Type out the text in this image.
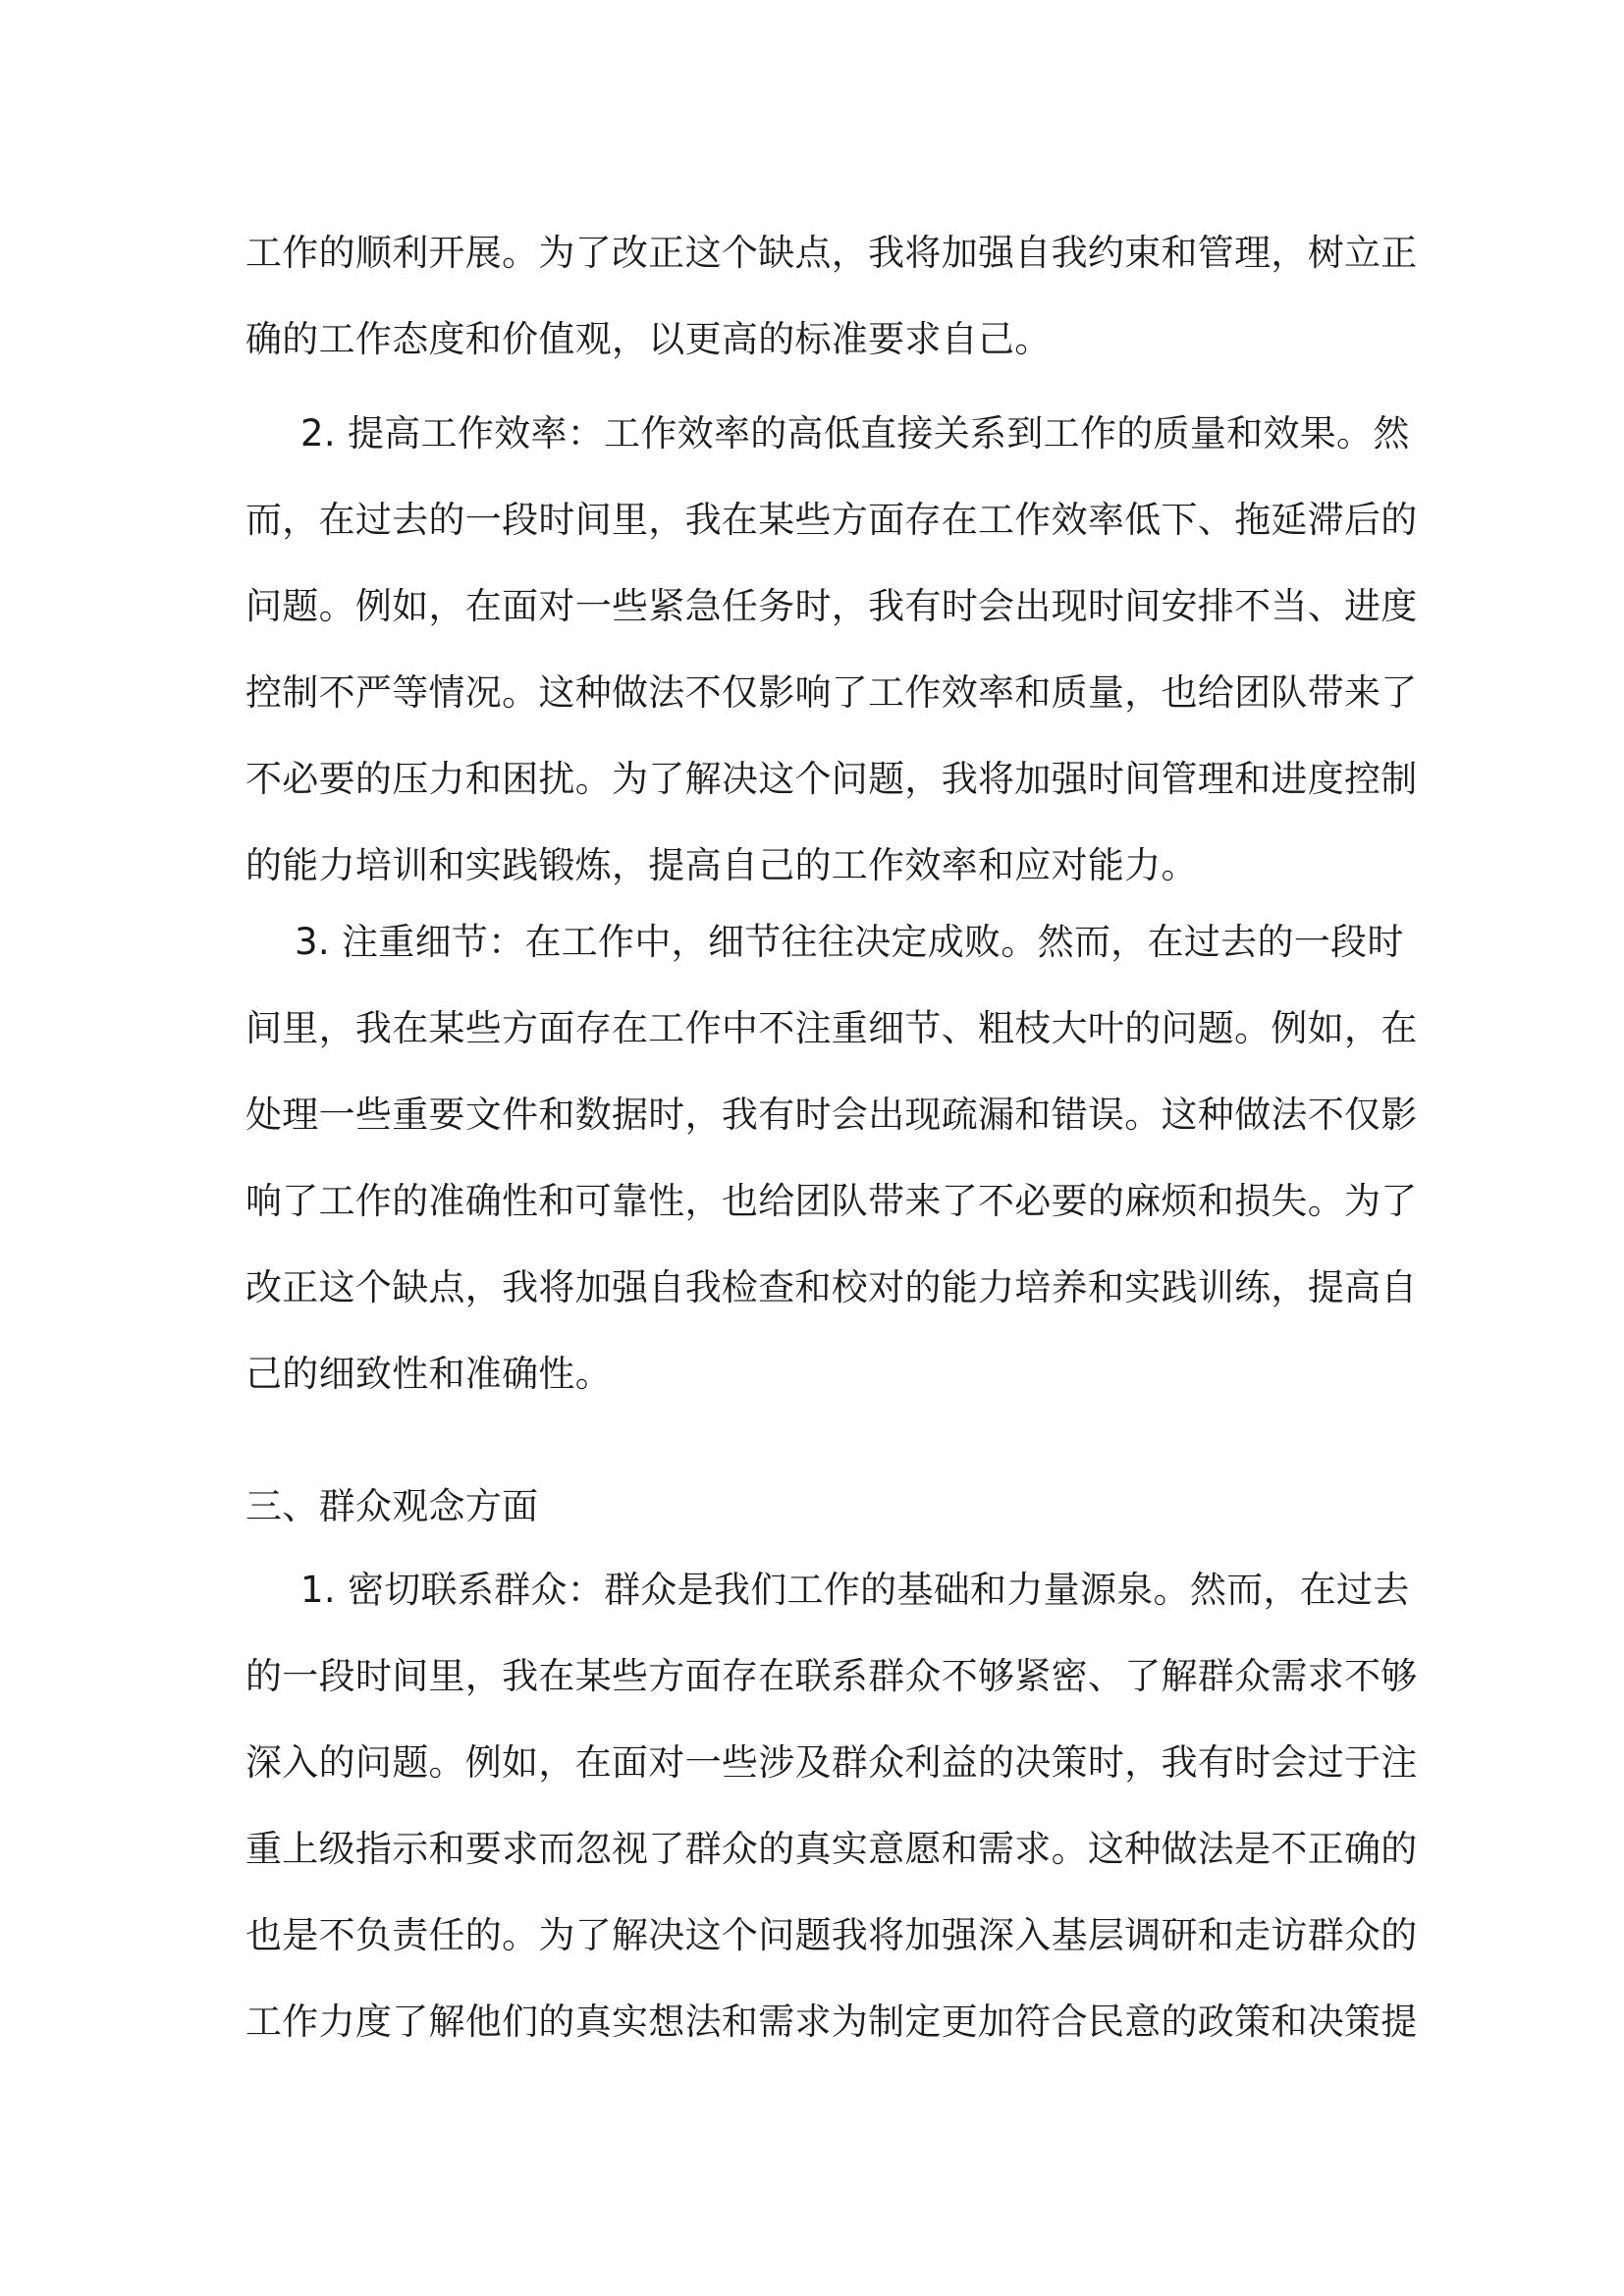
工作的顺利开展。为了改正这个缺点，我将加强自我约束和管理，树立正
确的工作态度和价值观，以更高的标准要求自己。
2. 提高工作效率：工作效率的高低直接关系到工作的质量和效果。然
而，在过去的一段时间里，我在某些方面存在工作效率低下、拖延滞后的
问题。例如，在面对一些紧急任务时，我有时会出现时间安排不当、进度
控制不严等情况。这种做法不仅影响了工作效率和质量，也给团队带来了
不必要的压力和困扰。为了解决这个问题，我将加强时间管理和进度控制
的能力培训和实践锻炼，提高自己的工作效率和应对能力。
3. 注重细节：在工作中，细节往往决定成败。然而，在过去的一段时
间里，我在某些方面存在工作中不注重细节、粗枝大叶的问题。例如，在
处理一些重要文件和数据时，我有时会出现疏漏和错误。这种做法不仅影
响了工作的准确性和可靠性，也给团队带来了不必要的麻烦和损失。为了
改正这个缺点，我将加强自我检查和校对的能力培养和实践训练，提高自
己的细致性和准确性。
三、群众观念方面
1. 密切联系群众：群众是我们工作的基础和力量源泉。然而，在过去
的一段时间里，我在某些方面存在联系群众不够紧密、了解群众需求不够
深入的问题。例如，在面对一些涉及群众利益的决策时，我有时会过于注
重上级指示和要求而忽视了群众的真实意愿和需求。这种做法是不正确的
也是不负责任的。为了解决这个问题我将加强深入基层调研和走访群众的
工作力度了解他们的真实想法和需求为制定更加符合民意的政策和决策提
